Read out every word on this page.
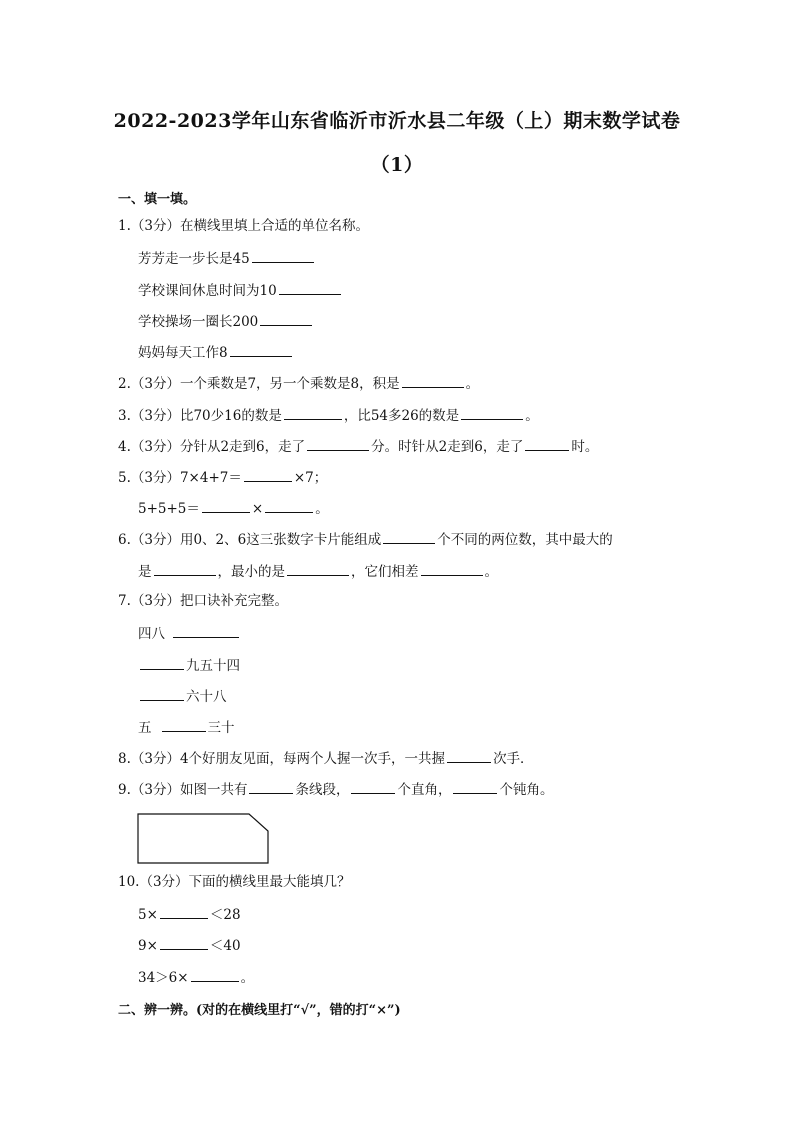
2022-2023学年山东省临沂市沂水县二年级（上）期末数学试卷
（1）
一、填一填。
1.（3分）在横线里填上合适的单位名称。
芳芳走一步长是45
学校课间休息时间为10
学校操场一圈长200
妈妈每天工作8
2.（3分）一个乘数是7，另一个乘数是8，积是	。
3.（3分）比70少16的数是	，比54多26的数是	。
4.（3分）分针从2走到6，走了	分。时针从2走到6，走了	时。
5.（3分）7×4+7＝	×7；
5+5+5＝	×	。
6.（3分）用0、2、6这三张数字卡片能组成	个不同的两位数，其中最大的
是	，最小的是	，它们相差	。
7.（3分）把口诀补充完整。
四八
九五十四
六十八
五	三十
8.（3分）4个好朋友见面，每两个人握一次手，一共握	次手．
9.（3分）如图一共有	条线段，	个直角，	个钝角。
10.（3分）下面的横线里最大能填几？
5×	＜28
9×	＜40
34＞6×	。
二、辨一辨。(对的在横线里打“√”，错的打“×”)
